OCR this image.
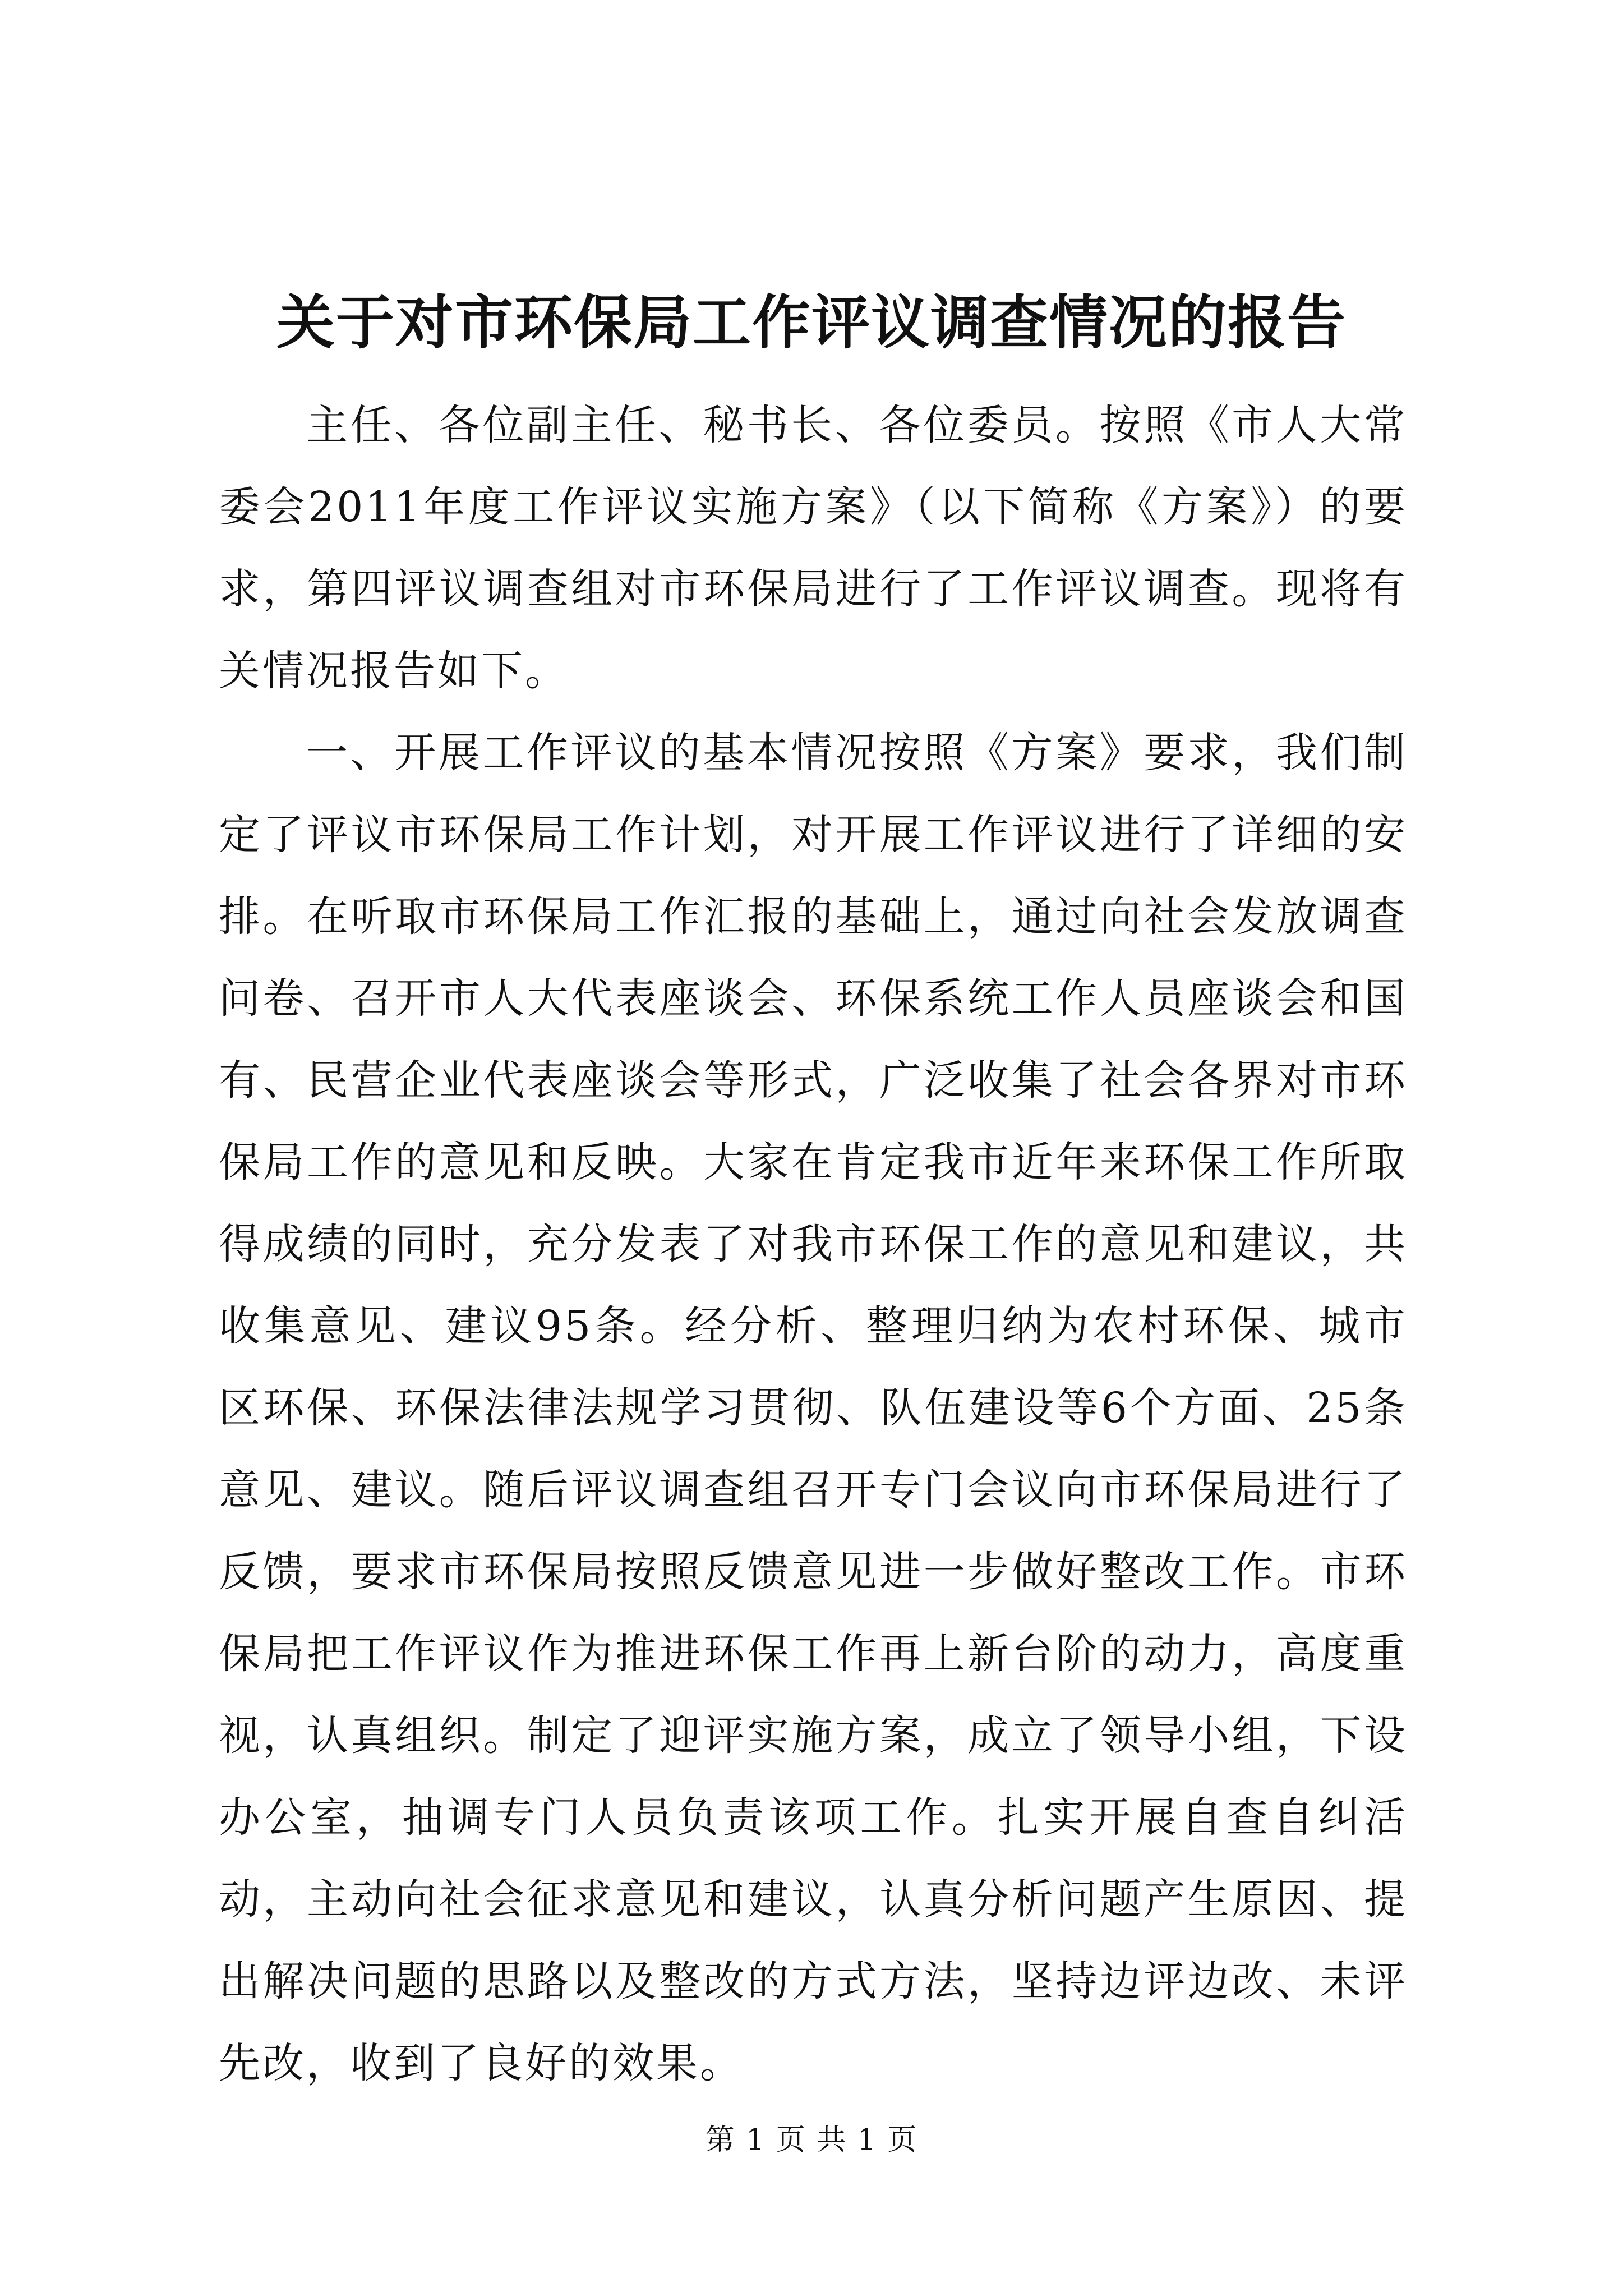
关于对市环保局工作评议调查情况的报告

主任、各位副主任、秘书长、各位委员。按照《市人大常委会2011年度工作评议实施方案》（以下简称《方案》）的要求，第四评议调查组对市环保局进行了工作评议调查。现将有关情况报告如下。

一、开展工作评议的基本情况按照《方案》要求，我们制定了评议市环保局工作计划，对开展工作评议进行了详细的安排。在听取市环保局工作汇报的基础上，通过向社会发放调查问卷、召开市人大代表座谈会、环保系统工作人员座谈会和国有、民营企业代表座谈会等形式，广泛收集了社会各界对市环保局工作的意见和反映。大家在肯定我市近年来环保工作所取得成绩的同时，充分发表了对我市环保工作的意见和建议，共收集意见、建议95条。经分析、整理归纳为农村环保、城市区环保、环保法律法规学习贯彻、队伍建设等6个方面、25条意见、建议。随后评议调查组召开专门会议向市环保局进行了反馈，要求市环保局按照反馈意见进一步做好整改工作。市环保局把工作评议作为推进环保工作再上新台阶的动力，高度重视，认真组织。制定了迎评实施方案，成立了领导小组，下设办公室，抽调专门人员负责该项工作。扎实开展自查自纠活动，主动向社会征求意见和建议，认真分析问题产生原因、提出解决问题的思路以及整改的方式方法，坚持边评边改、未评先改，收到了良好的效果。

第 1 页 共 1 页
